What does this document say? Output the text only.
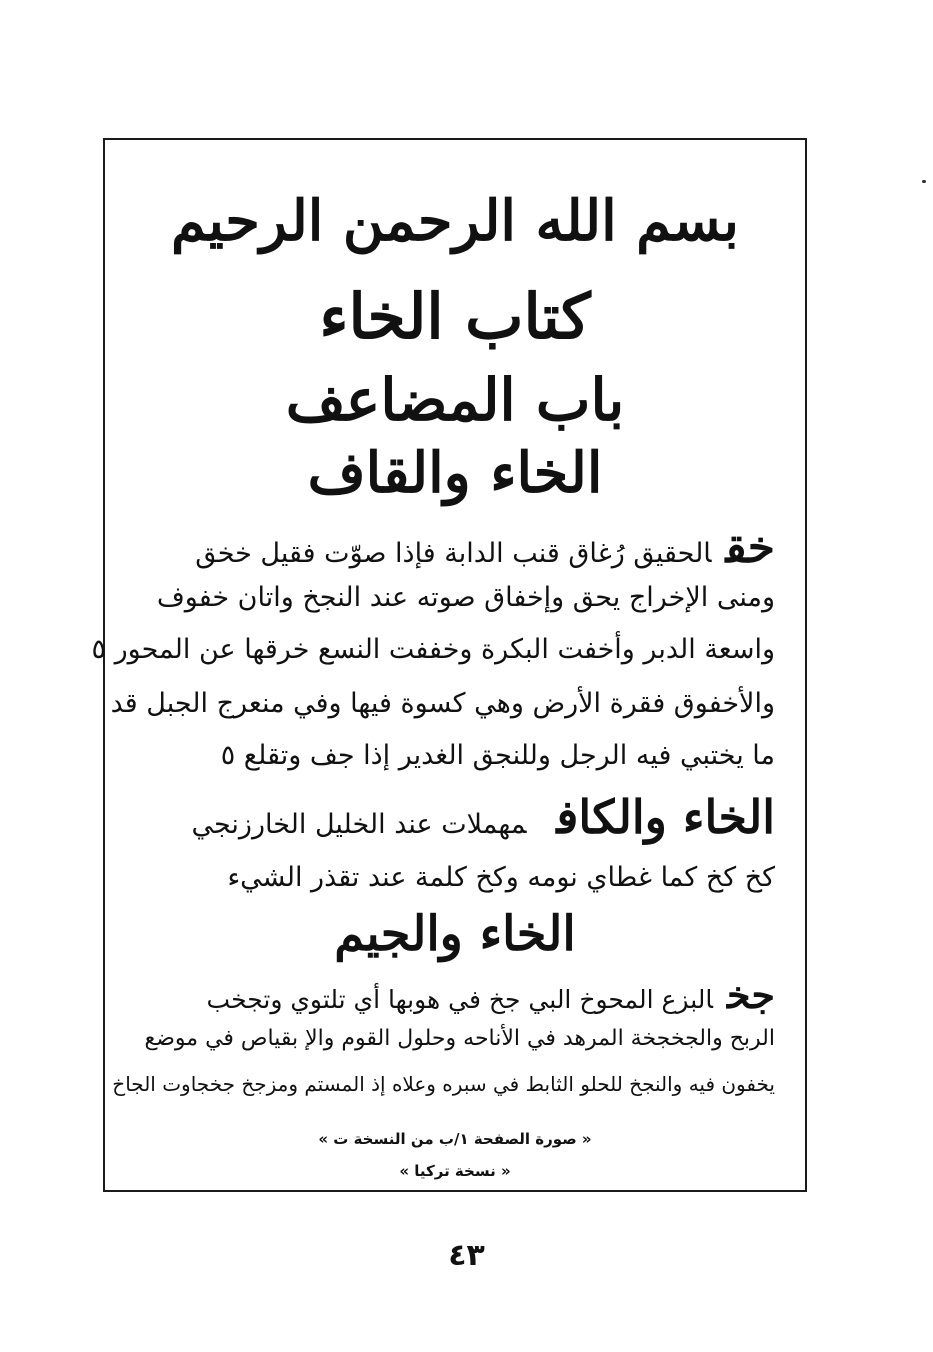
بسم الله الرحمن الرحيم
كتاب الخاء
باب المضاعف
الخاء والقاف
خقالحقيق رُغاق قنب الدابة فإذا صوّت فقيل خخق
ومنى الإخراج يحق وإخفاق صوته عند النجخ واتان خفوف
واسعة الدبر وأخفت البكرة وخففت النسع خرقها عن المحور ٥
والأخفوق فقرة الأرض وهي كسوة فيها وفي منعرج الجبل قد
ما يختبي فيه الرجل وللنجق الغدير إذا جف وتقلع ٥
الخاء والكافمهملات عند الخليل الخارزنجي
كخ كخ كما غطاي نومه وكخ كلمة عند تقذر الشيء
الخاء والجيم
جخالبزع المحوخ البي جخ في هوبها أي تلتوي وتجخب
الربح والجخجخة المرهد في الأناحه وحلول القوم والإ بقياص في موضع
يخفون فيه والنجخ للحلو الثابط في سبره وعلاه إذ المستم ومزجخ جخجاوت الجاخ
« صورة الصفحة ١/ب من النسخة ت »
« نسخة تركيا »
٤٣
